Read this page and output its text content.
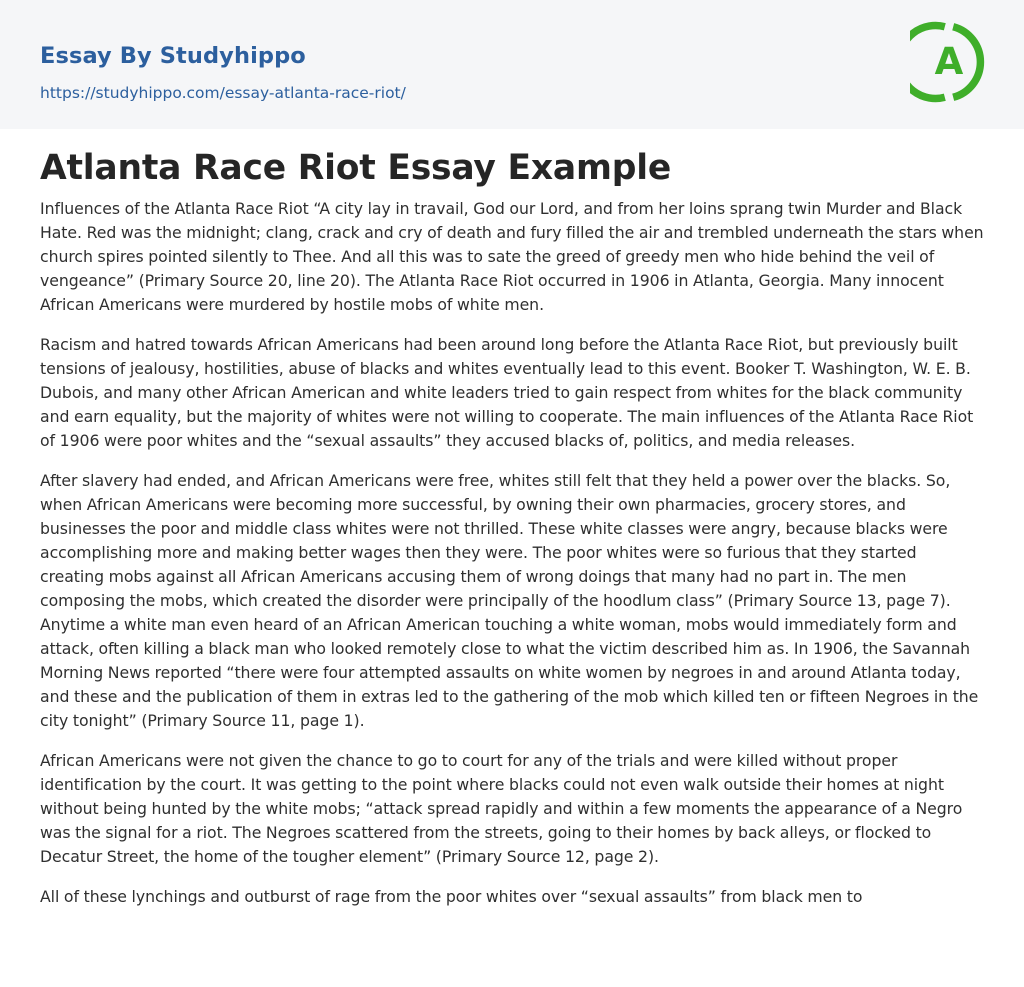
Essay By Studyhippo
https://studyhippo.com/essay-atlanta-race-riot/
A
Atlanta Race Riot Essay Example

Influences of the Atlanta Race Riot “A city lay in travail, God our Lord, and from her loins sprang twin Murder and Black Hate. Red was the midnight; clang, crack and cry of death and fury filled the air and trembled underneath the stars when church spires pointed silently to Thee. And all this was to sate the greed of greedy men who hide behind the veil of vengeance” (Primary Source 20, line 20). The Atlanta Race Riot occurred in 1906 in Atlanta, Georgia. Many innocent African Americans were murdered by hostile mobs of white men.

Racism and hatred towards African Americans had been around long before the Atlanta Race Riot, but previously built tensions of jealousy, hostilities, abuse of blacks and whites eventually lead to this event. Booker T. Washington, W. E. B. Dubois, and many other African American and white leaders tried to gain respect from whites for the black community and earn equality, but the majority of whites were not willing to cooperate. The main influences of the Atlanta Race Riot of 1906 were poor whites and the “sexual assaults” they accused blacks of, politics, and media releases.

After slavery had ended, and African Americans were free, whites still felt that they held a power over the blacks. So, when African Americans were becoming more successful, by owning their own pharmacies, grocery stores, and businesses the poor and middle class whites were not thrilled. These white classes were angry, because blacks were accomplishing more and making better wages then they were. The poor whites were so furious that they started creating mobs against all African Americans accusing them of wrong doings that many had no part in. The men composing the mobs, which created the disorder were principally of the hoodlum class” (Primary Source 13, page 7). Anytime a white man even heard of an African American touching a white woman, mobs would immediately form and attack, often killing a black man who looked remotely close to what the victim described him as. In 1906, the Savannah Morning News reported “there were four attempted assaults on white women by negroes in and around Atlanta today, and these and the publication of them in extras led to the gathering of the mob which killed ten or fifteen Negroes in the city tonight” (Primary Source 11, page 1).

African Americans were not given the chance to go to court for any of the trials and were killed without proper identification by the court. It was getting to the point where blacks could not even walk outside their homes at night without being hunted by the white mobs; “attack spread rapidly and within a few moments the appearance of a Negro was the signal for a riot. The Negroes scattered from the streets, going to their homes by back alleys, or flocked to Decatur Street, the home of the tougher element” (Primary Source 12, page 2).

All of these lynchings and outburst of rage from the poor whites over “sexual assaults” from black men to
